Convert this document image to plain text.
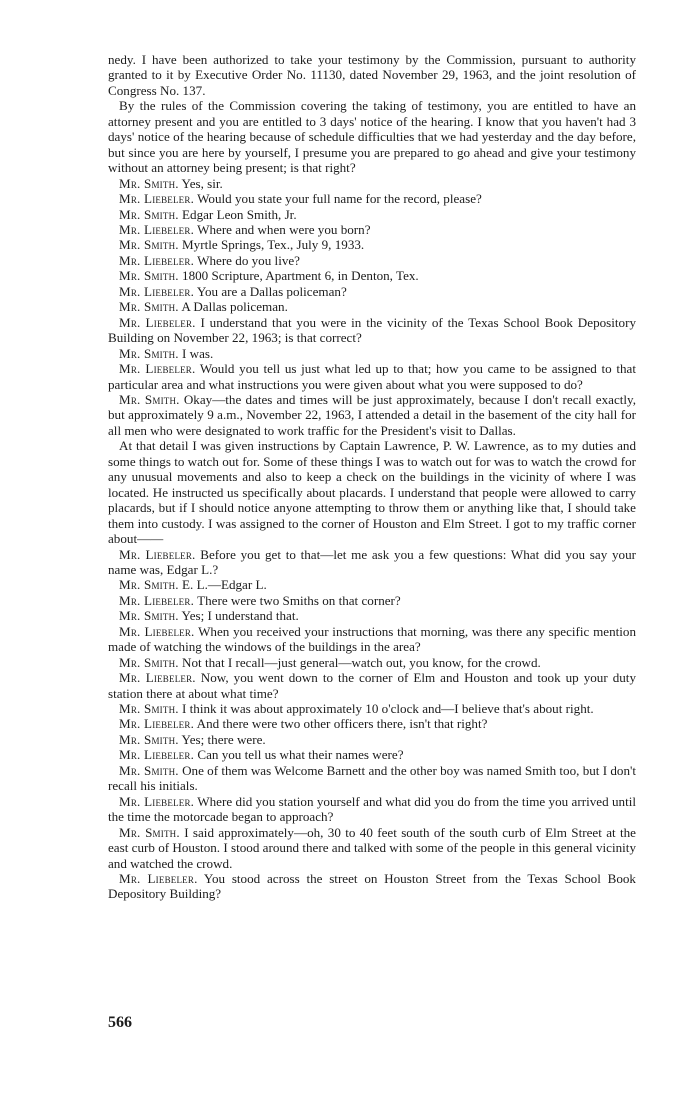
nedy. I have been authorized to take your testimony by the Commission, pursuant to authority granted to it by Executive Order No. 11130, dated November 29, 1963, and the joint resolution of Congress No. 137.

By the rules of the Commission covering the taking of testimony, you are entitled to have an attorney present and you are entitled to 3 days' notice of the hearing. I know that you haven't had 3 days' notice of the hearing because of schedule difficulties that we had yesterday and the day before, but since you are here by yourself, I presume you are prepared to go ahead and give your testimony without an attorney being present; is that right?

Mr. Smith. Yes, sir.

Mr. Liebeler. Would you state your full name for the record, please?

Mr. Smith. Edgar Leon Smith, Jr.

Mr. Liebeler. Where and when were you born?

Mr. Smith. Myrtle Springs, Tex., July 9, 1933.

Mr. Liebeler. Where do you live?

Mr. Smith. 1800 Scripture, Apartment 6, in Denton, Tex.

Mr. Liebeler. You are a Dallas policeman?

Mr. Smith. A Dallas policeman.

Mr. Liebeler. I understand that you were in the vicinity of the Texas School Book Depository Building on November 22, 1963; is that correct?

Mr. Smith. I was.

Mr. Liebeler. Would you tell us just what led up to that; how you came to be assigned to that particular area and what instructions you were given about what you were supposed to do?

Mr. Smith. Okay—the dates and times will be just approximately, because I don't recall exactly, but approximately 9 a.m., November 22, 1963, I attended a detail in the basement of the city hall for all men who were designated to work traffic for the President's visit to Dallas.

At that detail I was given instructions by Captain Lawrence, P. W. Lawrence, as to my duties and some things to watch out for. Some of these things I was to watch out for was to watch the crowd for any unusual movements and also to keep a check on the buildings in the vicinity of where I was located. He instructed us specifically about placards. I understand that people were allowed to carry placards, but if I should notice anyone attempting to throw them or anything like that, I should take them into custody. I was assigned to the corner of Houston and Elm Street. I got to my traffic corner about——

Mr. Liebeler. Before you get to that—let me ask you a few questions: What did you say your name was, Edgar L.?

Mr. Smith. E. L.—Edgar L.

Mr. Liebeler. There were two Smiths on that corner?

Mr. Smith. Yes; I understand that.

Mr. Liebeler. When you received your instructions that morning, was there any specific mention made of watching the windows of the buildings in the area?

Mr. Smith. Not that I recall—just general—watch out, you know, for the crowd.

Mr. Liebeler. Now, you went down to the corner of Elm and Houston and took up your duty station there at about what time?

Mr. Smith. I think it was about approximately 10 o'clock and—I believe that's about right.

Mr. Liebeler. And there were two other officers there, isn't that right?

Mr. Smith. Yes; there were.

Mr. Liebeler. Can you tell us what their names were?

Mr. Smith. One of them was Welcome Barnett and the other boy was named Smith too, but I don't recall his initials.

Mr. Liebeler. Where did you station yourself and what did you do from the time you arrived until the time the motorcade began to approach?

Mr. Smith. I said approximately—oh, 30 to 40 feet south of the south curb of Elm Street at the east curb of Houston. I stood around there and talked with some of the people in this general vicinity and watched the crowd.

Mr. Liebeler. You stood across the street on Houston Street from the Texas School Book Depository Building?

566
